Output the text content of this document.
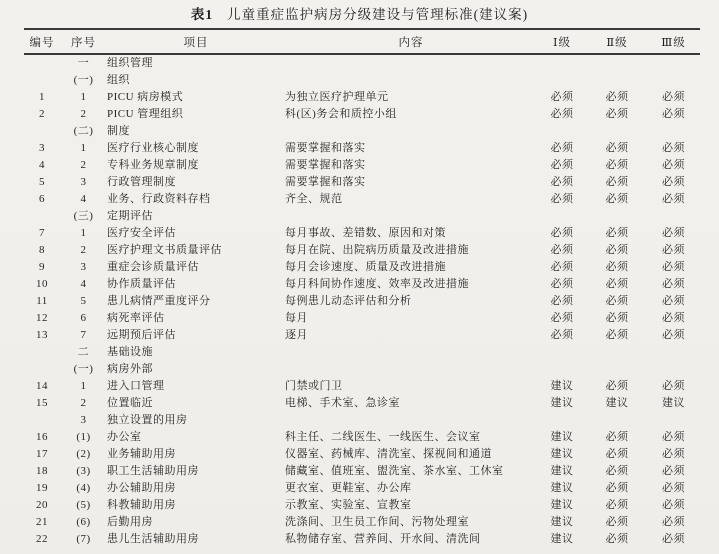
表1 儿童重症监护病房分级建设与管理标准(建议案)
编号	序号	项目	内容	Ⅰ级	Ⅱ级	Ⅲ级
	一	组织管理				
	(一)	组织				
1	1	PICU 病房模式	为独立医疗护理单元	必须	必须	必须
2	2	PICU 管理组织	科(区)务会和质控小组	必须	必须	必须
	(二)	制度				
3	1	医疗行业核心制度	需要掌握和落实	必须	必须	必须
4	2	专科业务规章制度	需要掌握和落实	必须	必须	必须
5	3	行政管理制度	需要掌握和落实	必须	必须	必须
6	4	业务、行政资料存档	齐全、规范	必须	必须	必须
	(三)	定期评估				
7	1	医疗安全评估	每月事故、差错数、原因和对策	必须	必须	必须
8	2	医疗护理文书质量评估	每月在院、出院病历质量及改进措施	必须	必须	必须
9	3	重症会诊质量评估	每月会诊速度、质量及改进措施	必须	必须	必须
10	4	协作质量评估	每月科间协作速度、效率及改进措施	必须	必须	必须
11	5	患儿病情严重度评分	每例患儿动态评估和分析	必须	必须	必须
12	6	病死率评估	每月	必须	必须	必须
13	7	远期预后评估	逐月	必须	必须	必须
	二	基础设施				
	(一)	病房外部				
14	1	进入口管理	门禁或门卫	建议	必须	必须
15	2	位置临近	电梯、手术室、急诊室	建议	建议	建议
	3	独立设置的用房				
16	(1)	办公室	科主任、二线医生、一线医生、会议室	建议	必须	必须
17	(2)	业务辅助用房	仪器室、药械库、清洗室、探视间和通道	建议	必须	必须
18	(3)	职工生活辅助用房	储藏室、值班室、盥洗室、茶水室、工休室	建议	必须	必须
19	(4)	办公辅助用房	更衣室、更鞋室、办公库	建议	必须	必须
20	(5)	科教辅助用房	示教室、实验室、宣教室	建议	必须	必须
21	(6)	后勤用房	洗涤间、卫生员工作间、污物处理室	建议	必须	必须
22	(7)	患儿生活辅助用房	私物储存室、营养间、开水间、清洗间	建议	必须	必须
